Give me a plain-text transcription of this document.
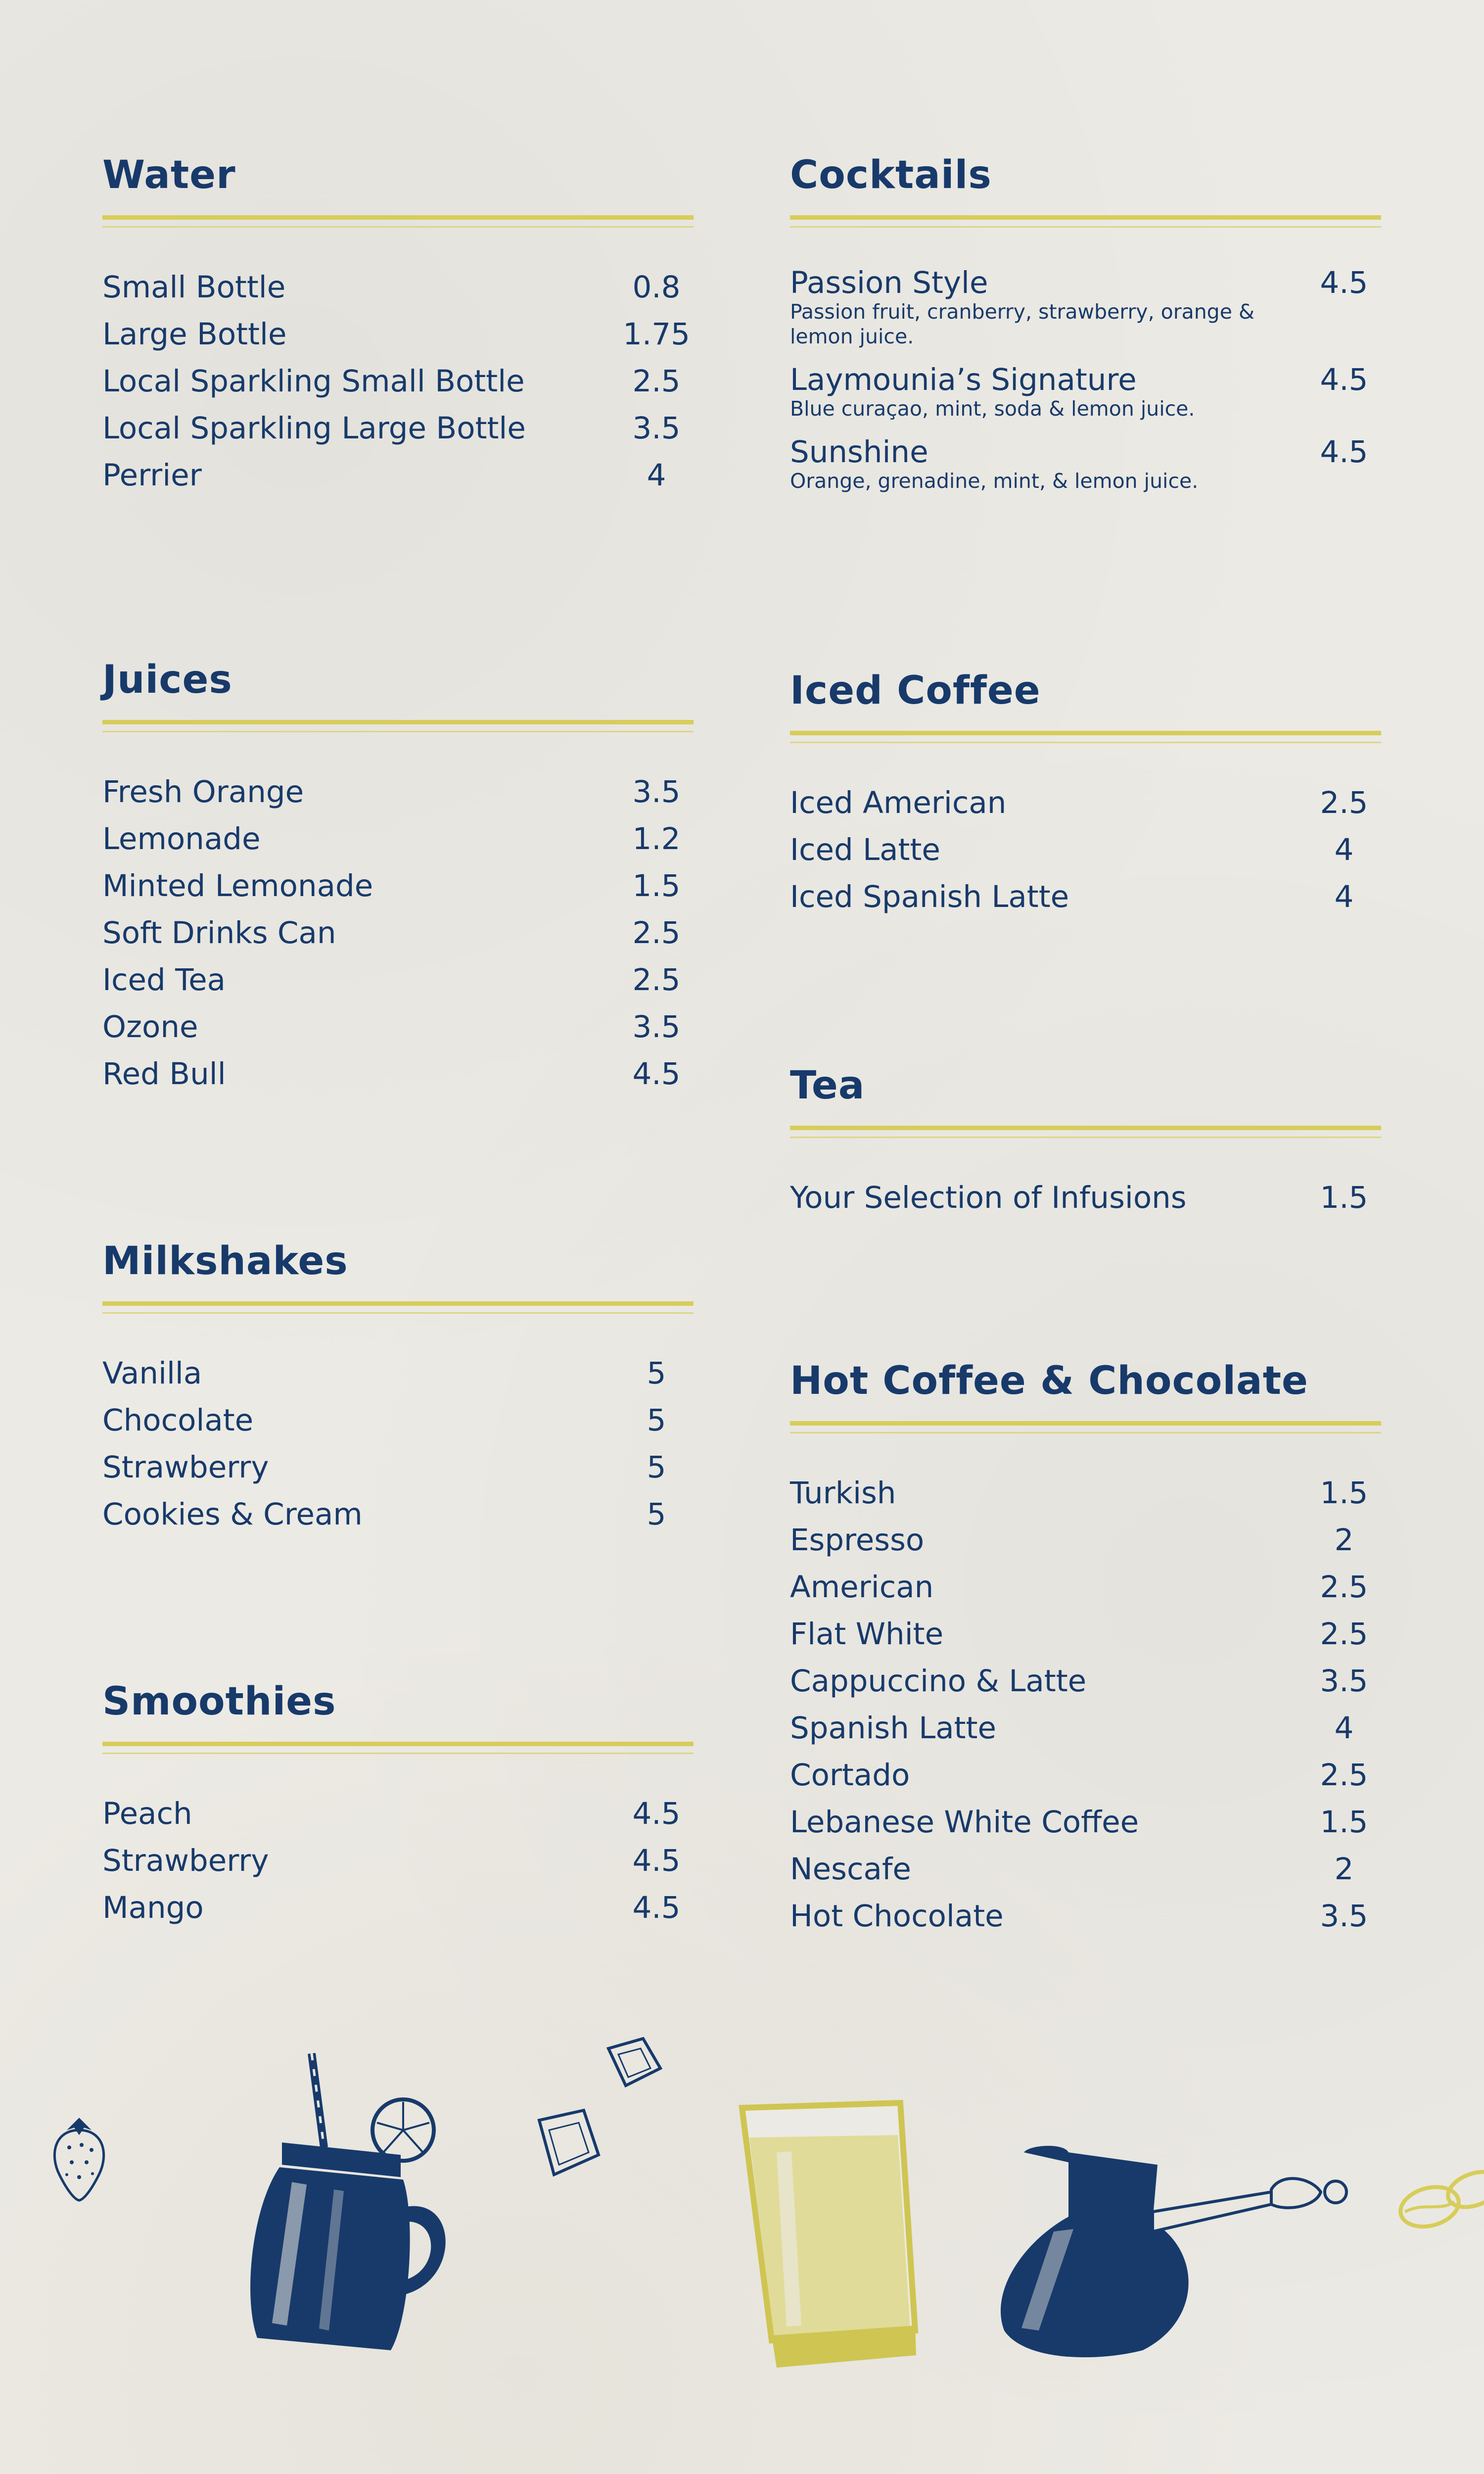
Water
Small Bottle	0.8
Large Bottle	1.75
Local Sparkling Small Bottle	2.5
Local Sparkling Large Bottle	3.5
Perrier	4
Cocktails
Passion Style	4.5
Passion fruit, cranberry, strawberry, orange & lemon juice.
Laymounia’s Signature	4.5
Blue curaçao, mint, soda & lemon juice.
Sunshine	4.5
Orange, grenadine, mint, & lemon juice.
Juices
Fresh Orange	3.5
Lemonade	1.2
Minted Lemonade	1.5
Soft Drinks Can	2.5
Iced Tea	2.5
Ozone	3.5
Red Bull	4.5
Iced Coffee
Iced American	2.5
Iced Latte	4
Iced Spanish Latte	4
Tea
Your Selection of Infusions	1.5
Milkshakes
Vanilla	5
Chocolate	5
Strawberry	5
Cookies & Cream	5
Hot Coffee & Chocolate
Turkish	1.5
Espresso	2
American	2.5
Flat White	2.5
Cappuccino & Latte	3.5
Spanish Latte	4
Cortado	2.5
Lebanese White Coffee	1.5
Nescafe	2
Hot Chocolate	3.5
Smoothies
Peach	4.5
Strawberry	4.5
Mango	4.5
